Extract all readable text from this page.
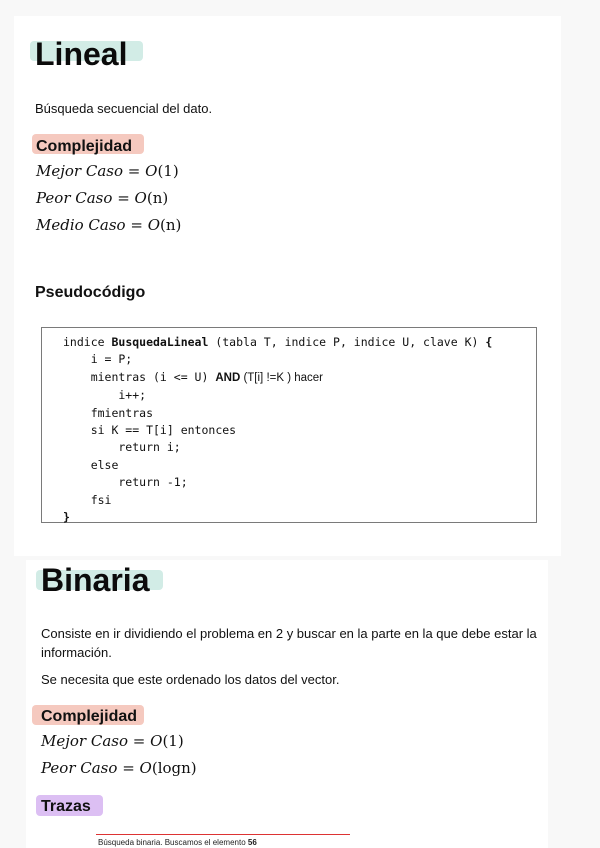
Lineal
Búsqueda secuencial del dato.
Complejidad
Mejor Caso = O(1)
Peor Caso = O(n)
Medio Caso = O(n)
Pseudocódigo
indice BusquedaLineal (tabla T, indice P, indice U, clave K) {
i = P;
mientras (i <= U) AND (T[i] !=K ) hacer
i++;
fmientras
si K == T[i] entonces
return i;
else
return -1;
fsi
}
Binaria
Consiste en ir dividiendo el problema en 2 y buscar en la parte en la que debe estar la información.
Se necesita que este ordenado los datos del vector.
Complejidad
Mejor Caso = O(1)
Peor Caso = O(logn)
Trazas
Búsqueda binaria. Buscamos el elemento 56
